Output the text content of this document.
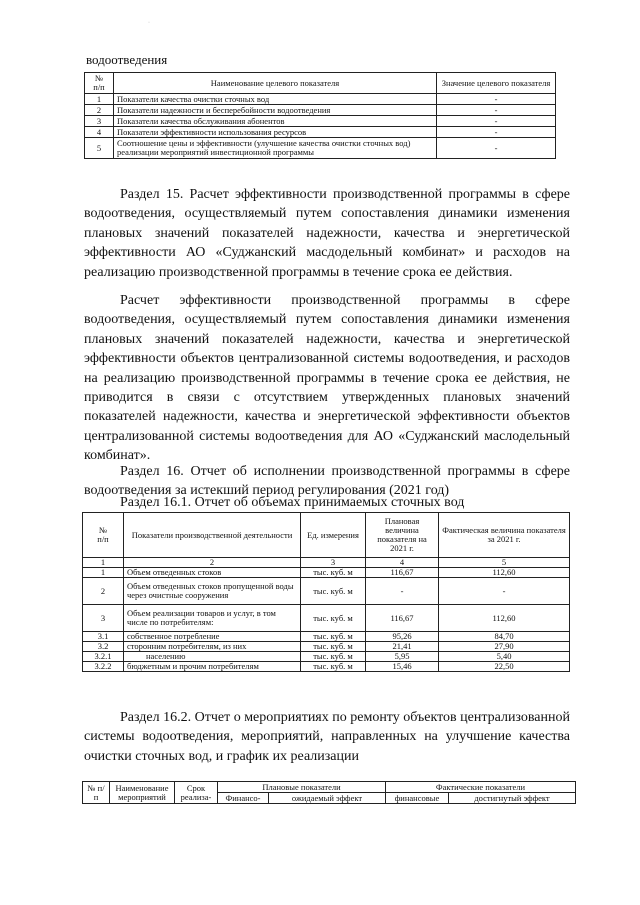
·
водоотведения
№
п/п	Наименование целевого показателя	Значение целевого показателя
1	Показатели качества очистки сточных вод	-
2	Показатели надежности и бесперебойности водоотведения	-
3	Показатели качества обслуживания абонентов	-
4	Показатели эффективности использования ресурсов	-
5	Соотношение цены и эффективности (улучшение качества очистки сточных вод) реализации мероприятий инвестиционной программы	-

Раздел 15. Расчет эффективности производственной программы в сфере водоотведения, осуществляемый путем сопоставления динамики изменения плановых значений показателей надежности, качества и энергетической эффективности АО «Суджанский масдодельный комбинат» и расходов на реализацию производственной программы в течение срока ее действия.

Расчет эффективности производственной программы в сфере водоотведения, осуществляемый путем сопоставления динамики изменения плановых значений показателей надежности, качества и энергетической эффективности объектов централизованной системы водоотведения, и расходов на реализацию производственной программы в течение срока ее действия, не приводится в связи с отсутствием утвержденных плановых значений показателей надежности, качества и энергетической эффективности объектов централизованной системы водоотведения для АО «Суджанский маслодельный комбинат».

Раздел 16. Отчет об исполнении производственной программы в сфере водоотведения за истекший период регулирования (2021 год)

Раздел 16.1. Отчет об объемах принимаемых сточных вод

№
п/п	Показатели производственной деятельности	Ед. измерения	Плановая величина показателя на 2021 г.	Фактическая величина показателя за 2021 г.
1	2	3	4	5
1	Объем отведенных стоков	тыс. куб. м	116,67	112,60
2	Объем отведенных стоков пропущенной воды через очистные сооружения	тыс. куб. м	-	-
3	Объем реализации товаров и услуг, в том числе по потребителям:	тыс. куб. м	116,67	112,60
3.1	собственное потребление	тыс. куб. м	95,26	84,70
3.2	сторонним потребителям, из них	тыс. куб. м	21,41	27,90
3.2.1	населению	тыс. куб. м	5,95	5,40
3.2.2	бюджетным и прочим потребителям	тыс. куб. м	15,46	22,50

Раздел 16.2. Отчет о мероприятиях по ремонту объектов централизованной системы водоотведения, мероприятий, направленных на улучшение качества очистки сточных вод, и график их реализации

№ п/п	Наименование мероприятий	Срок реализа-	Плановые показатели		Фактические показатели	
			Финансо-	ожидаемый эффект	финансовые	достигнутый эффект
